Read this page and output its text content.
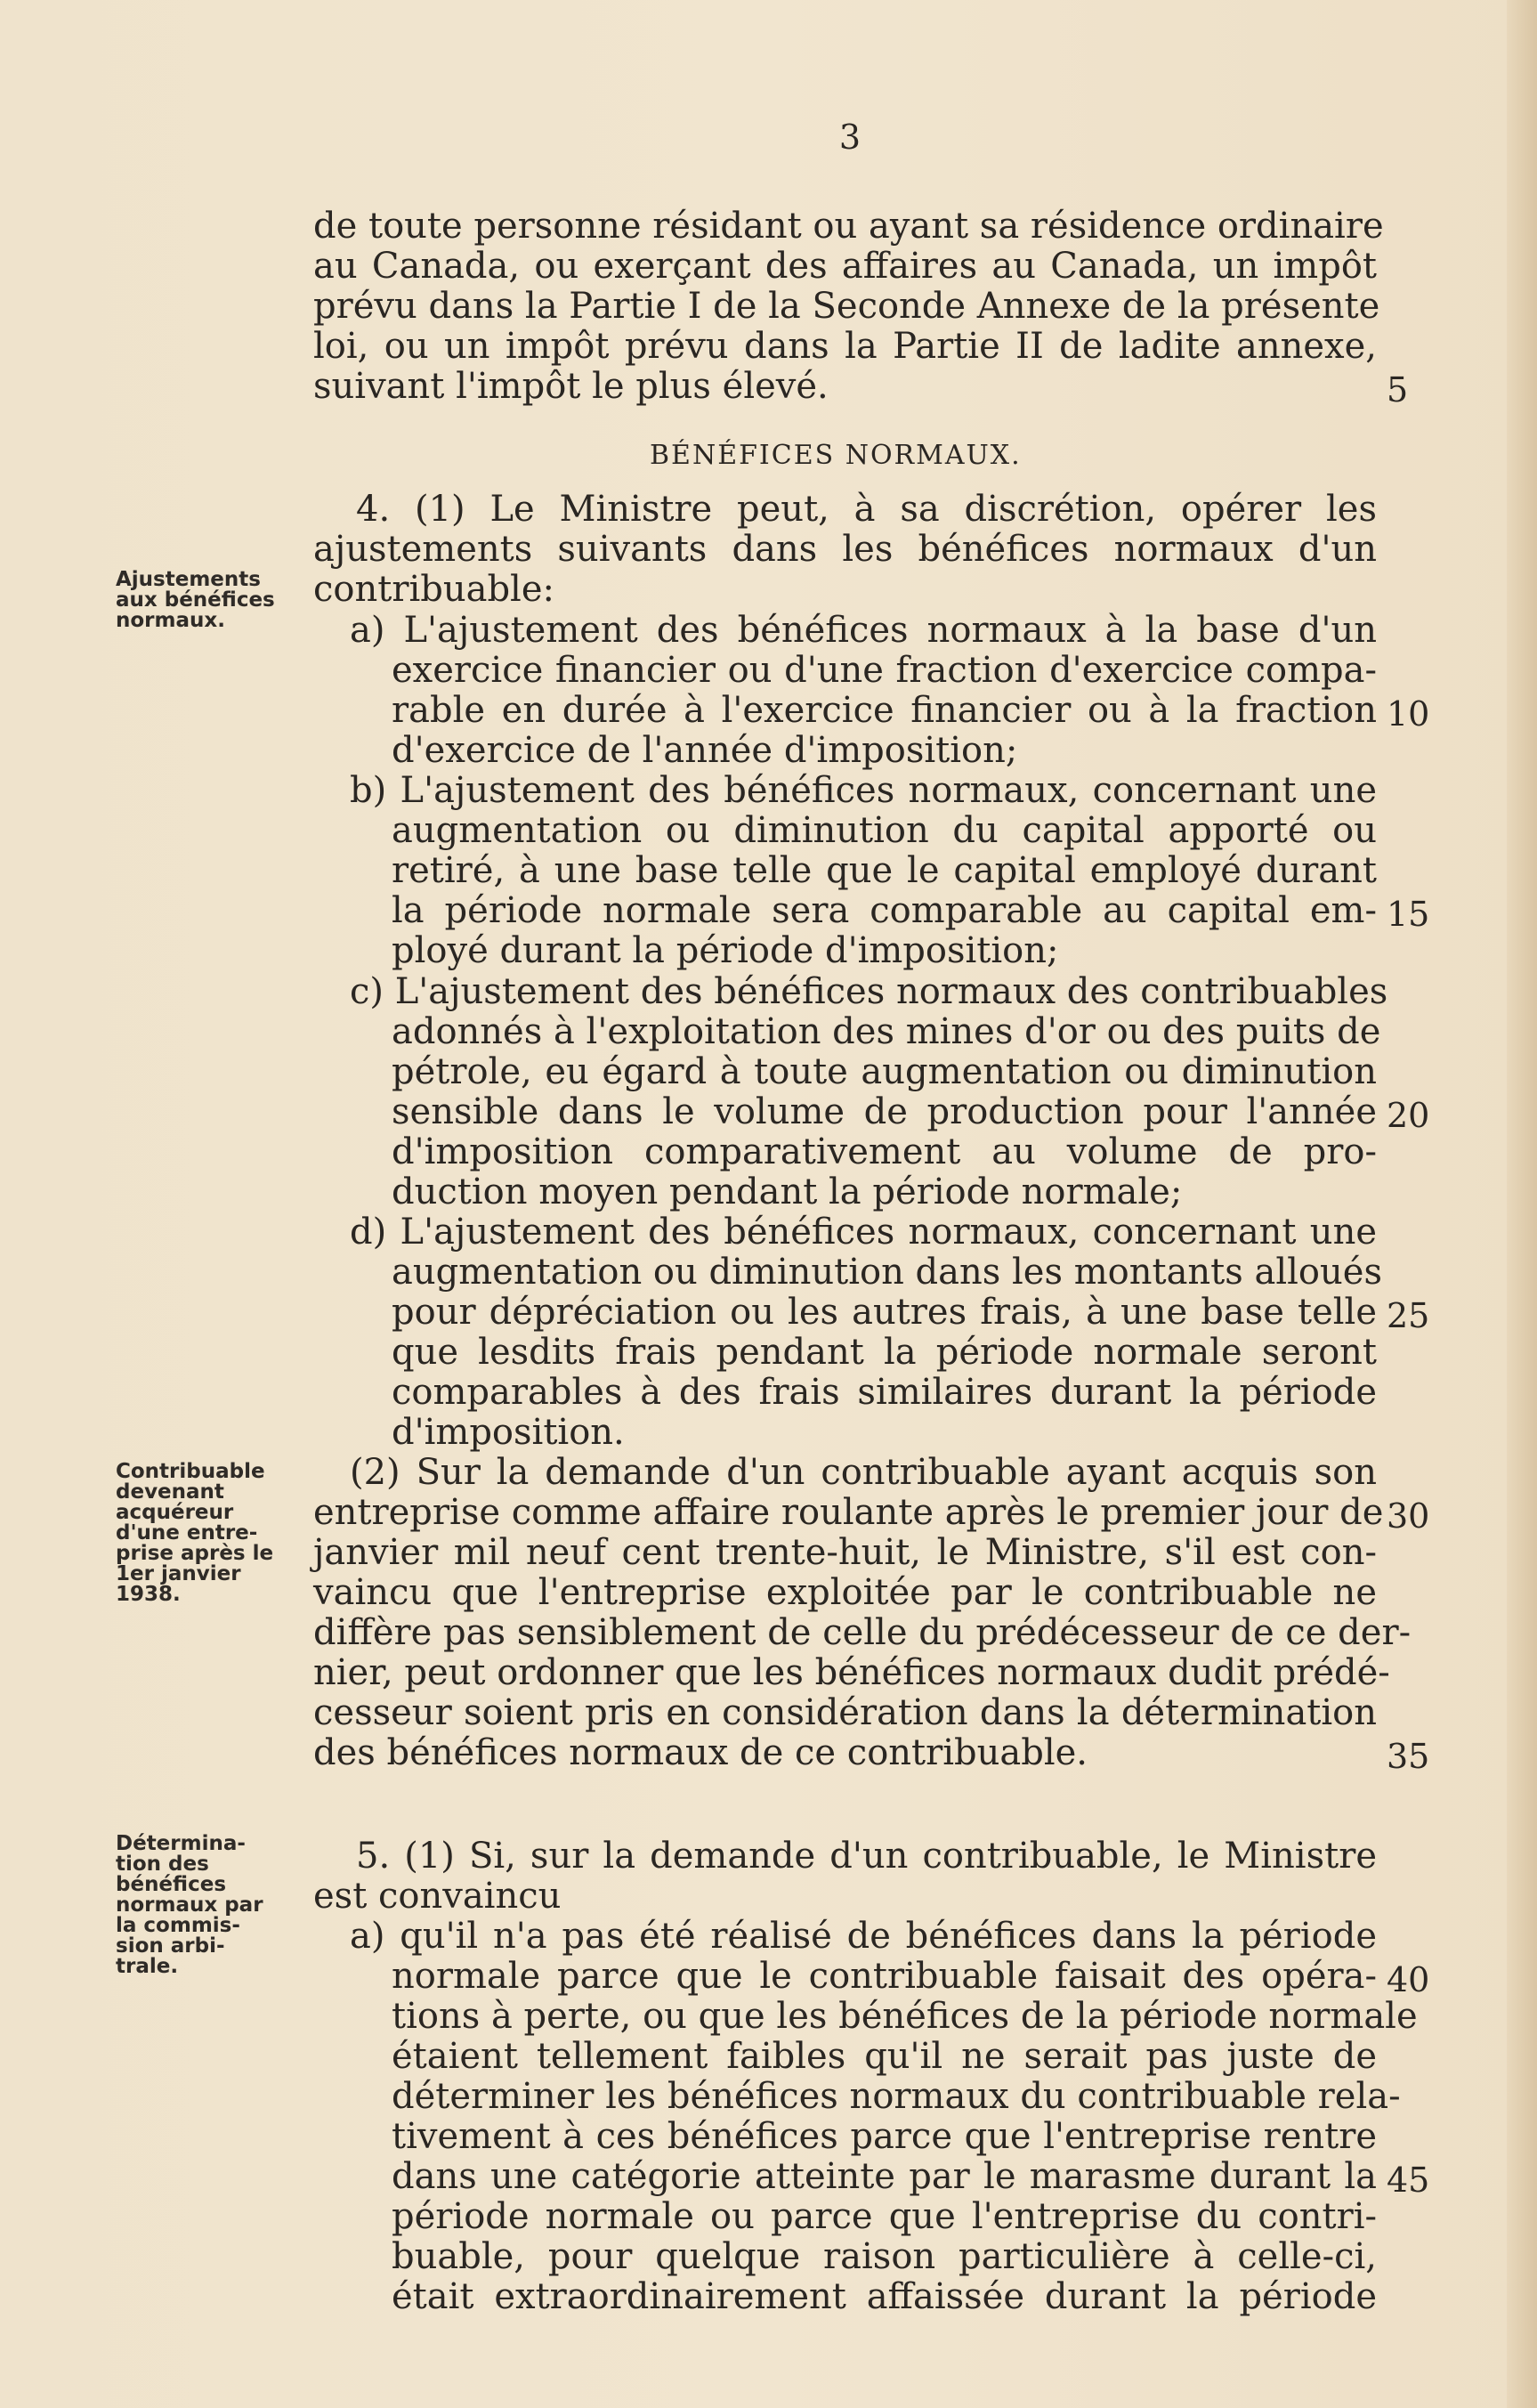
3
de toute personne résidant ou ayant sa résidence ordinaire
au Canada, ou exerçant des affaires au Canada, un impôt
prévu dans la Partie I de la Seconde Annexe de la présente
loi, ou un impôt prévu dans la Partie II de ladite annexe,
suivant l'impôt le plus élevé.
BÉNÉFICES NORMAUX.
4. (1) Le Ministre peut, à sa discrétion, opérer les
ajustements suivants dans les bénéfices normaux d'un
contribuable:
a) L'ajustement des bénéfices normaux à la base d'un
exercice financier ou d'une fraction d'exercice compa-
rable en durée à l'exercice financier ou à la fraction
d'exercice de l'année d'imposition;
b) L'ajustement des bénéfices normaux, concernant une
augmentation ou diminution du capital apporté ou
retiré, à une base telle que le capital employé durant
la période normale sera comparable au capital em-
ployé durant la période d'imposition;
c) L'ajustement des bénéfices normaux des contribuables
adonnés à l'exploitation des mines d'or ou des puits de
pétrole, eu égard à toute augmentation ou diminution
sensible dans le volume de production pour l'année
d'imposition comparativement au volume de pro-
duction moyen pendant la période normale;
d) L'ajustement des bénéfices normaux, concernant une
augmentation ou diminution dans les montants alloués
pour dépréciation ou les autres frais, à une base telle
que lesdits frais pendant la période normale seront
comparables à des frais similaires durant la période
d'imposition.
(2) Sur la demande d'un contribuable ayant acquis son
entreprise comme affaire roulante après le premier jour de
janvier mil neuf cent trente-huit, le Ministre, s'il est con-
vaincu que l'entreprise exploitée par le contribuable ne
diffère pas sensiblement de celle du prédécesseur de ce der-
nier, peut ordonner que les bénéfices normaux dudit prédé-
cesseur soient pris en considération dans la détermination
des bénéfices normaux de ce contribuable.
5. (1) Si, sur la demande d'un contribuable, le Ministre
est convaincu
a) qu'il n'a pas été réalisé de bénéfices dans la période
normale parce que le contribuable faisait des opéra-
tions à perte, ou que les bénéfices de la période normale
étaient tellement faibles qu'il ne serait pas juste de
déterminer les bénéfices normaux du contribuable rela-
tivement à ces bénéfices parce que l'entreprise rentre
dans une catégorie atteinte par le marasme durant la
période normale ou parce que l'entreprise du contri-
buable, pour quelque raison particulière à celle-ci,
était extraordinairement affaissée durant la période
Ajustements
aux bénéfices
normaux.
Contribuable
devenant
acquéreur
d'une entre-
prise après le
1er janvier
1938.
Détermina-
tion des
bénéfices
normaux par
la commis-
sion arbi-
trale.
5
10
15
20
25
30
35
40
45
